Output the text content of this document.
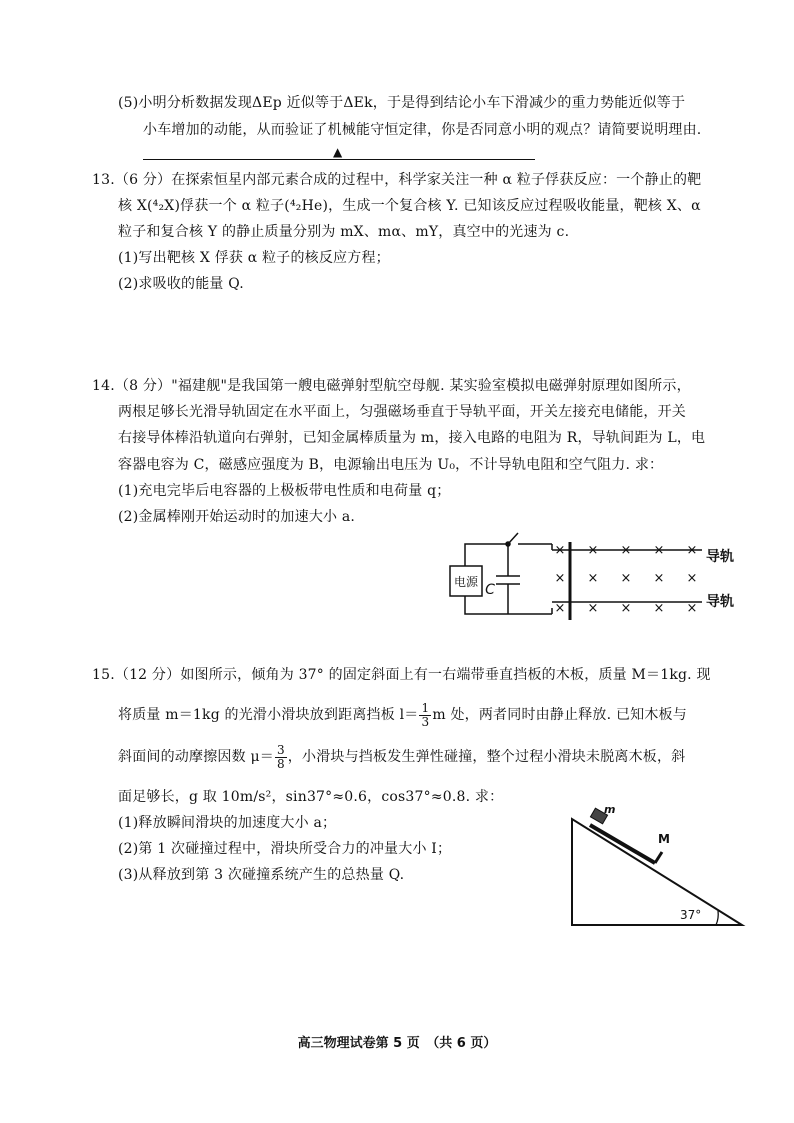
(5)小明分析数据发现ΔEp 近似等于ΔEk，于是得到结论小车下滑减少的重力势能近似等于
小车增加的动能，从而验证了机械能守恒定律，你是否同意小明的观点？请简要说明理由.
▲
13.（6 分）在探索恒星内部元素合成的过程中，科学家关注一种 α 粒子俘获反应：一个静止的靶
核 X(⁴₂X)俘获一个 α 粒子(⁴₂He)，生成一个复合核 Y. 已知该反应过程吸收能量，靶核 X、α
粒子和复合核 Y 的静止质量分别为 mX、mα、mY，真空中的光速为 c.
(1)写出靶核 X 俘获 α 粒子的核反应方程；
(2)求吸收的能量 Q.
14.（8 分）"福建舰"是我国第一艘电磁弹射型航空母舰. 某实验室模拟电磁弹射原理如图所示，
两根足够长光滑导轨固定在水平面上，匀强磁场垂直于导轨平面，开关左接充电储能，开关
右接导体棒沿轨道向右弹射，已知金属棒质量为 m，接入电路的电阻为 R，导轨间距为 L，电
容器电容为 C，磁感应强度为 B，电源输出电压为 U₀，不计导轨电阻和空气阻力. 求：
(1)充电完毕后电容器的上极板带电性质和电荷量 q；
(2)金属棒刚开始运动时的加速大小 a.
电源 C
× × × × ×
× × × × ×
× × × × ×
导轨
导轨
15.（12 分）如图所示，倾角为 37° 的固定斜面上有一右端带垂直挡板的木板，质量 M＝1kg. 现
将质量 m＝1kg 的光滑小滑块放到距离挡板 $l= \frac{1}{3}$ m 处，两者同时由静止释放. 已知木板与
斜面间的动摩擦因数 $\mu= \frac{3}{8}$ ，小滑块与挡板发生弹性碰撞，整个过程小滑块未脱离木板，斜
面足够长，g 取 10m/s²，sin37°≈0.6，cos37°≈0.8. 求：
(1)释放瞬间滑块的加速度大小 a；
(2)第 1 次碰撞过程中，滑块所受合力的冲量大小 I；
(3)从释放到第 3 次碰撞系统产生的总热量 Q.
m
M
37°
高三物理试卷第 5 页　（共 6 页）
